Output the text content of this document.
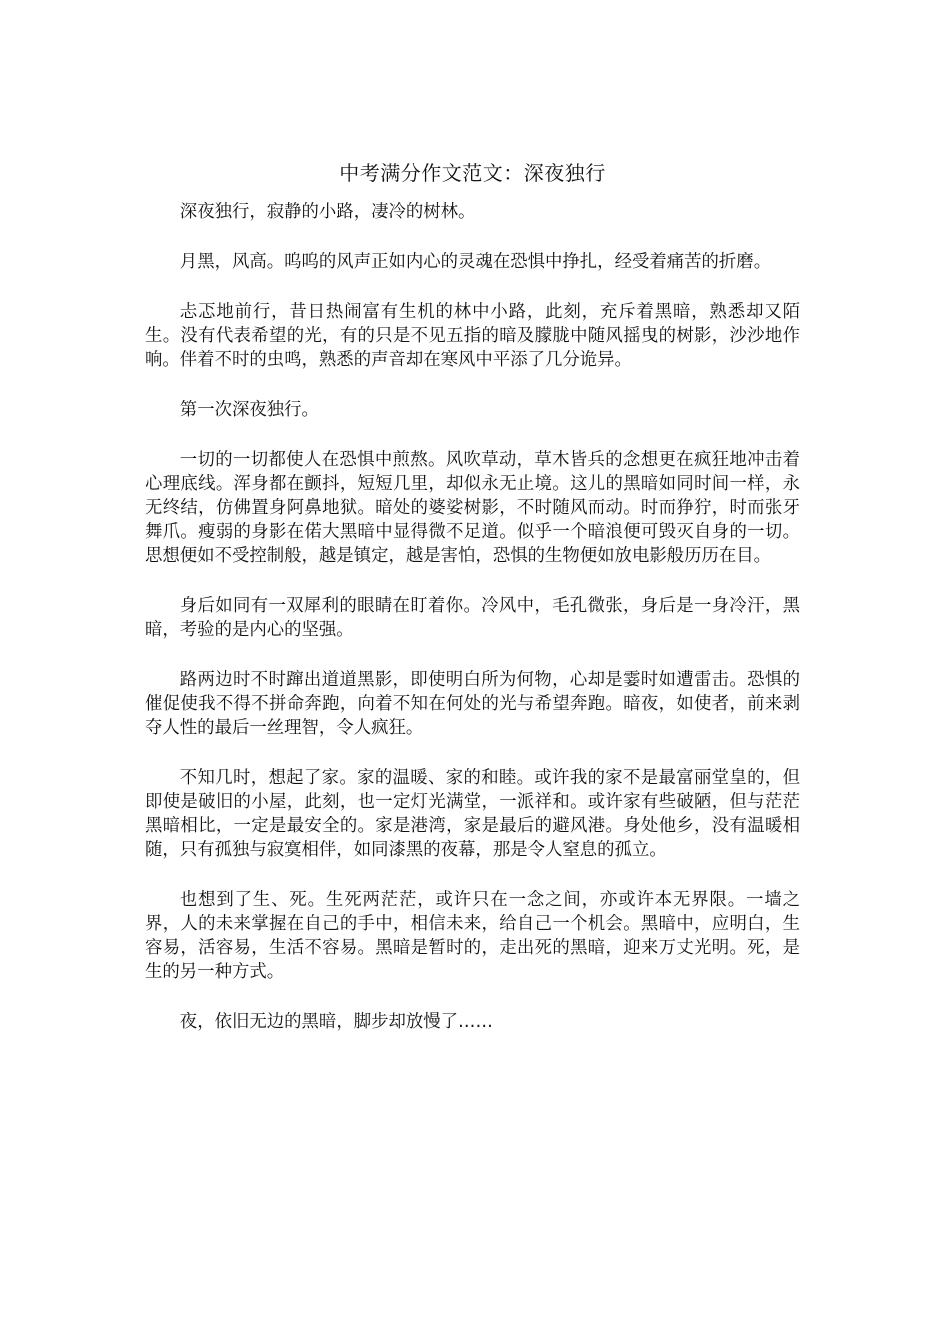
中考满分作文范文：深夜独行

深夜独行，寂静的小路，凄冷的树林。

月黑，风高。呜呜的风声正如内心的灵魂在恐惧中挣扎，经受着痛苦的折磨。

忐忑地前行，昔日热闹富有生机的林中小路，此刻，充斥着黑暗，熟悉却又陌生。没有代表希望的光，有的只是不见五指的暗及朦胧中随风摇曳的树影，沙沙地作响。伴着不时的虫鸣，熟悉的声音却在寒风中平添了几分诡异。

第一次深夜独行。

一切的一切都使人在恐惧中煎熬。风吹草动，草木皆兵的念想更在疯狂地冲击着心理底线。浑身都在颤抖，短短几里，却似永无止境。这儿的黑暗如同时间一样，永无终结，仿佛置身阿鼻地狱。暗处的婆娑树影，不时随风而动。时而狰狞，时而张牙舞爪。瘦弱的身影在偌大黑暗中显得微不足道。似乎一个暗浪便可毁灭自身的一切。思想便如不受控制般，越是镇定，越是害怕，恐惧的生物便如放电影般历历在目。

身后如同有一双犀利的眼睛在盯着你。冷风中，毛孔微张，身后是一身冷汗，黑暗，考验的是内心的坚强。

路两边时不时蹿出道道黑影，即使明白所为何物，心却是霎时如遭雷击。恐惧的催促使我不得不拼命奔跑，向着不知在何处的光与希望奔跑。暗夜，如使者，前来剥夺人性的最后一丝理智，令人疯狂。

不知几时，想起了家。家的温暖、家的和睦。或许我的家不是最富丽堂皇的，但即使是破旧的小屋，此刻，也一定灯光满堂，一派祥和。或许家有些破陋，但与茫茫黑暗相比，一定是最安全的。家是港湾，家是最后的避风港。身处他乡，没有温暖相随，只有孤独与寂寞相伴，如同漆黑的夜幕，那是令人窒息的孤立。

也想到了生、死。生死两茫茫，或许只在一念之间，亦或许本无界限。一墙之界，人的未来掌握在自己的手中，相信未来，给自己一个机会。黑暗中，应明白，生容易，活容易，生活不容易。黑暗是暂时的，走出死的黑暗，迎来万丈光明。死，是生的另一种方式。

夜，依旧无边的黑暗，脚步却放慢了……
